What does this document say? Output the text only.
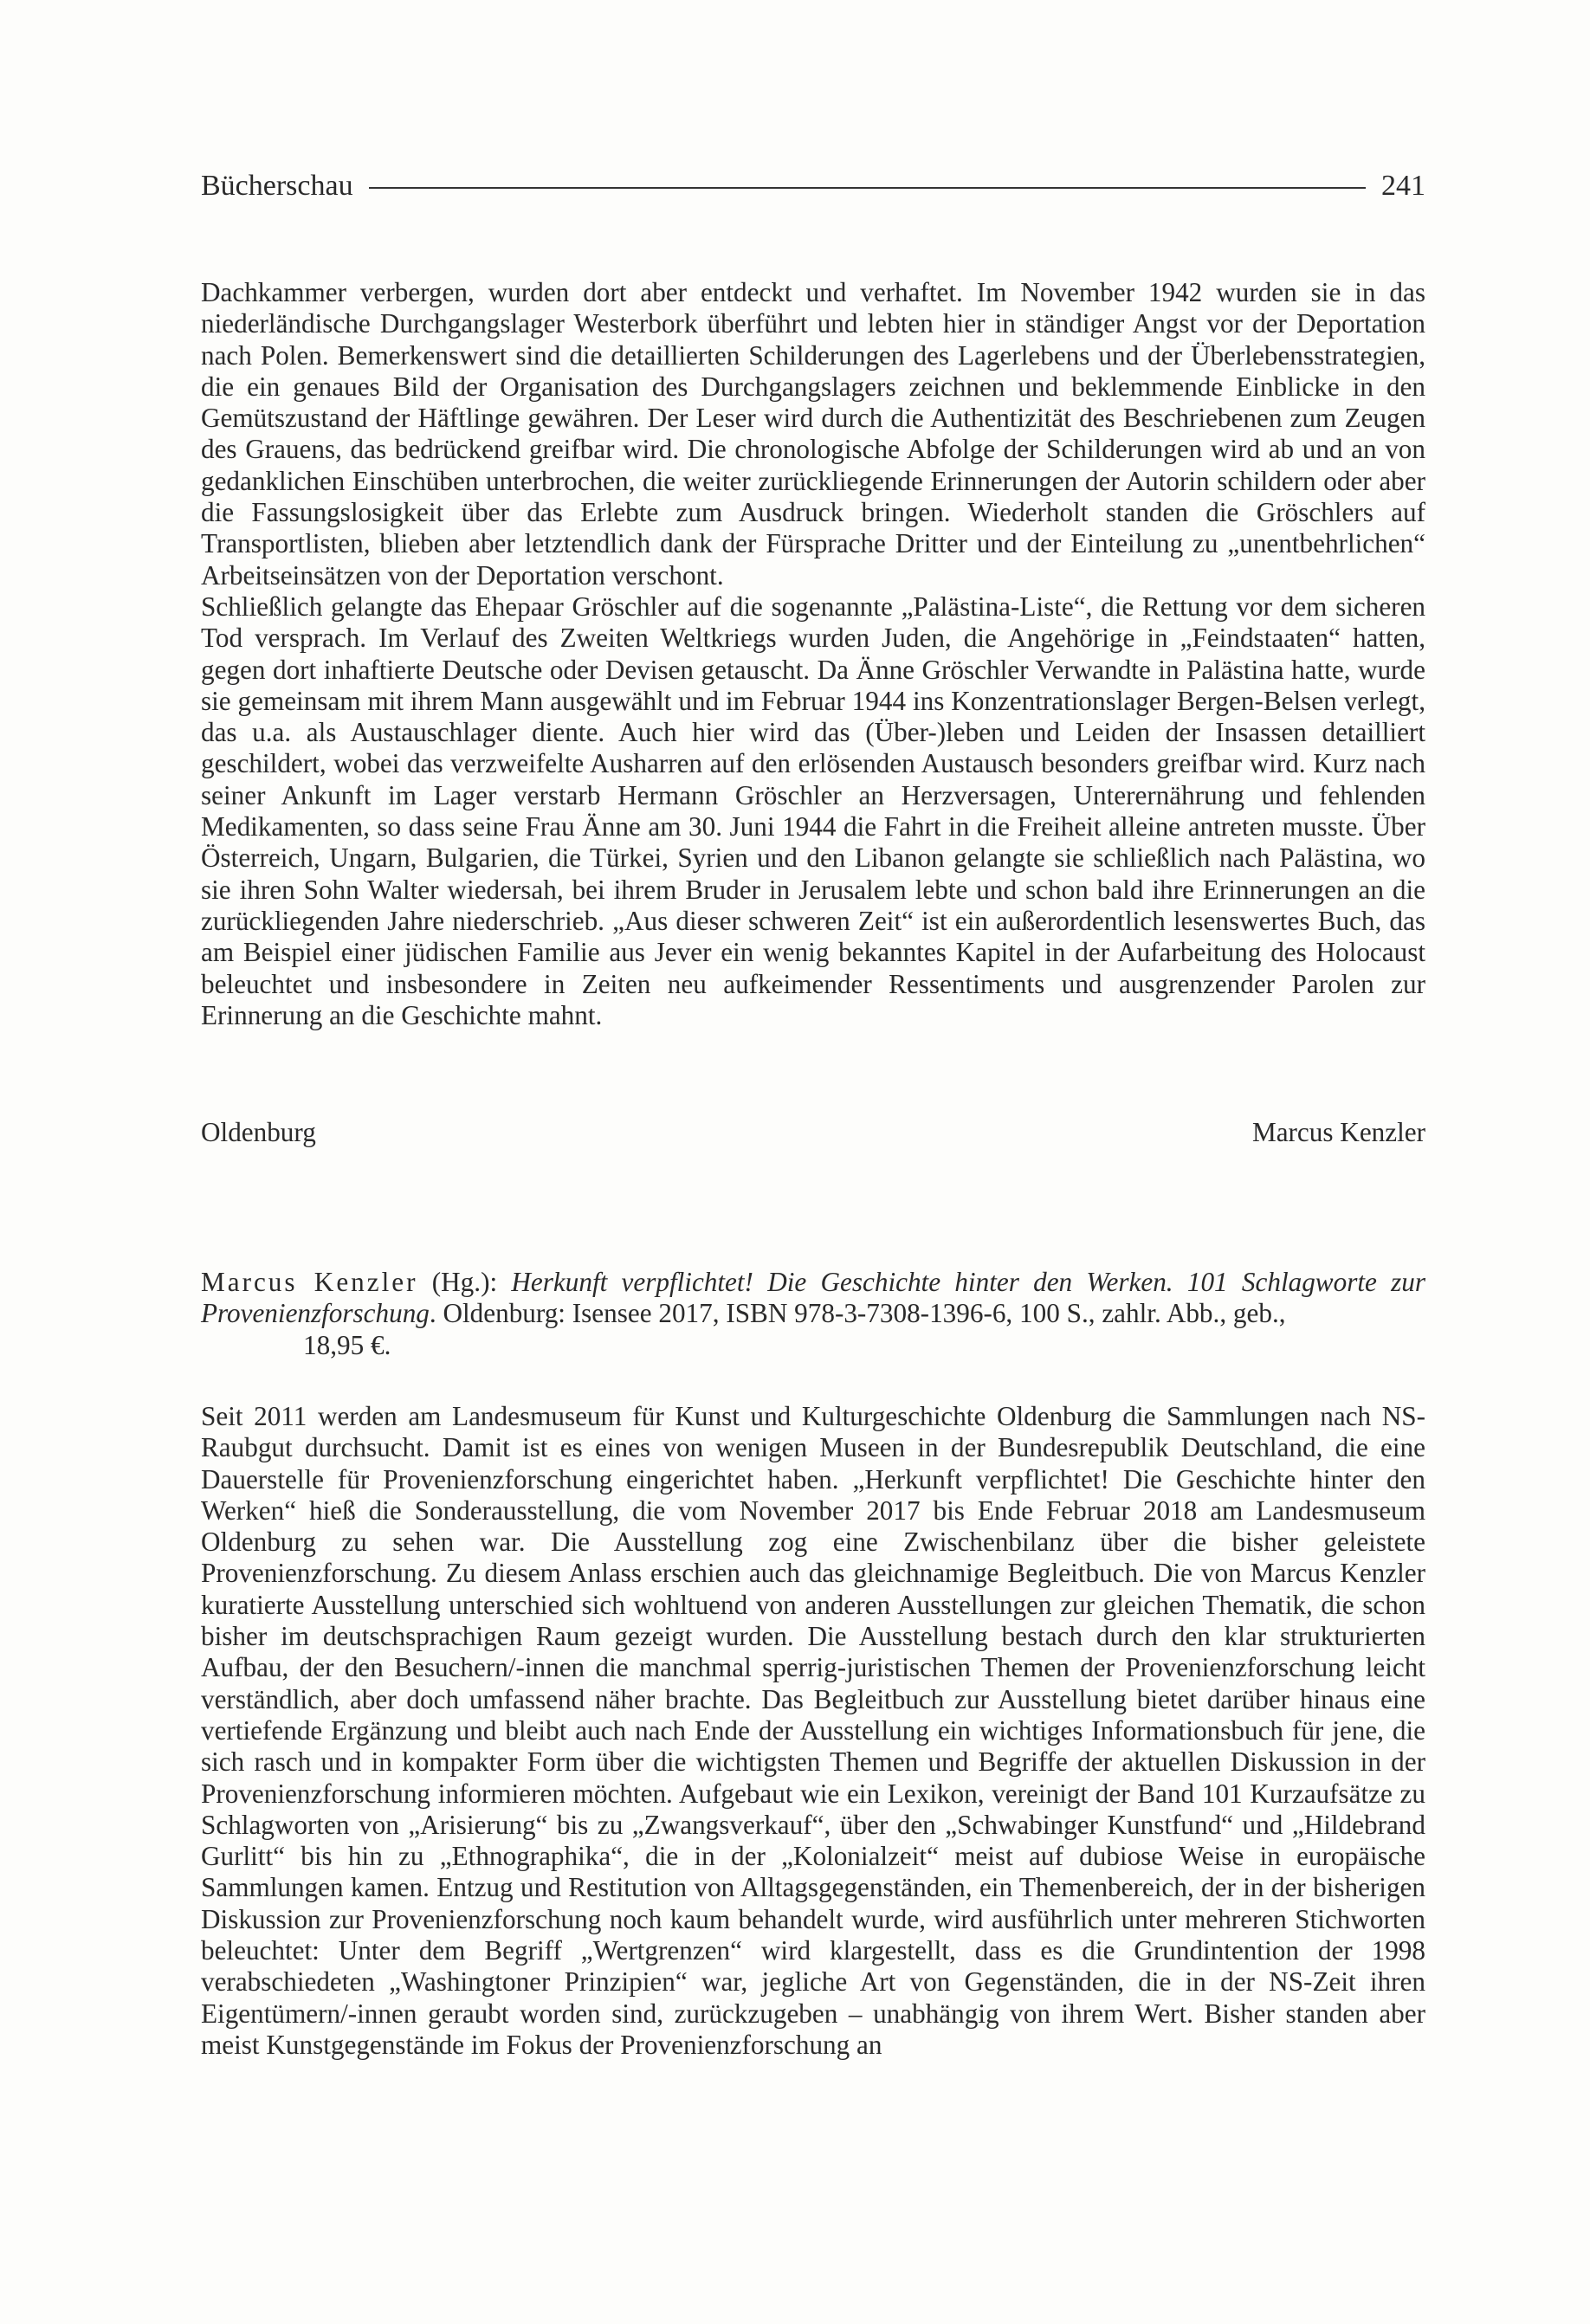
Bücherschau	241

Dachkammer verbergen, wurden dort aber entdeckt und verhaftet. Im November 1942 wurden sie in das niederländische Durchgangslager Westerbork überführt und lebten hier in ständiger Angst vor der Deportation nach Polen. Bemerkenswert sind die detaillierten Schilderungen des Lagerlebens und der Überlebensstrategien, die ein genaues Bild der Organisation des Durchgangslagers zeichnen und beklemmende Einblicke in den Gemütszustand der Häftlinge gewähren. Der Leser wird durch die Authentizität des Beschriebenen zum Zeugen des Grauens, das bedrückend greifbar wird. Die chronologische Abfolge der Schilderungen wird ab und an von gedanklichen Einschüben unterbrochen, die weiter zurückliegende Erinnerungen der Autorin schildern oder aber die Fassungslosigkeit über das Erlebte zum Ausdruck bringen. Wiederholt standen die Gröschlers auf Transportlisten, blieben aber letztendlich dank der Fürsprache Dritter und der Einteilung zu „unentbehrlichen“ Arbeitseinsätzen von der Deportation verschont.

Schließlich gelangte das Ehepaar Gröschler auf die sogenannte „Palästina-Liste“, die Rettung vor dem sicheren Tod versprach. Im Verlauf des Zweiten Weltkriegs wurden Juden, die Angehörige in „Feindstaaten“ hatten, gegen dort inhaftierte Deutsche oder Devisen getauscht. Da Änne Gröschler Verwandte in Palästina hatte, wurde sie gemeinsam mit ihrem Mann ausgewählt und im Februar 1944 ins Konzentrationslager Bergen-Belsen verlegt, das u.a. als Austauschlager diente. Auch hier wird das (Über-)leben und Leiden der Insassen detailliert geschildert, wobei das verzweifelte Ausharren auf den erlösenden Austausch besonders greifbar wird. Kurz nach seiner Ankunft im Lager verstarb Hermann Gröschler an Herzversagen, Unterernährung und fehlenden Medikamenten, so dass seine Frau Änne am 30. Juni 1944 die Fahrt in die Freiheit alleine antreten musste. Über Österreich, Ungarn, Bulgarien, die Türkei, Syrien und den Libanon gelangte sie schließlich nach Palästina, wo sie ihren Sohn Walter wiedersah, bei ihrem Bruder in Jerusalem lebte und schon bald ihre Erinnerungen an die zurückliegenden Jahre niederschrieb. „Aus dieser schweren Zeit“ ist ein außerordentlich lesenswertes Buch, das am Beispiel einer jüdischen Familie aus Jever ein wenig bekanntes Kapitel in der Aufarbeitung des Holocaust beleuchtet und insbesondere in Zeiten neu aufkeimender Ressentiments und ausgrenzender Parolen zur Erinnerung an die Geschichte mahnt.

Oldenburg	Marcus Kenzler
Marcus Kenzler (Hg.): Herkunft verpflichtet! Die Geschichte hinter den Werken. 101 Schlagworte zur Provenienzforschung. Oldenburg: Isensee 2017, ISBN 978-3-7308-1396-6, 100 S., zahlr. Abb., geb.,
18,95 €.

Seit 2011 werden am Landesmuseum für Kunst und Kulturgeschichte Oldenburg die Sammlungen nach NS-Raubgut durchsucht. Damit ist es eines von wenigen Museen in der Bundesrepublik Deutschland, die eine Dauerstelle für Provenienzforschung eingerichtet haben. „Herkunft verpflichtet! Die Geschichte hinter den Werken“ hieß die Sonderausstellung, die vom November 2017 bis Ende Februar 2018 am Landesmuseum Oldenburg zu sehen war. Die Ausstellung zog eine Zwischenbilanz über die bisher geleistete Provenienzforschung. Zu diesem Anlass erschien auch das gleichnamige Begleitbuch. Die von Marcus Kenzler kuratierte Ausstellung unterschied sich wohltuend von anderen Ausstellungen zur gleichen Thematik, die schon bisher im deutschsprachigen Raum gezeigt wurden. Die Ausstellung bestach durch den klar strukturierten Aufbau, der den Besuchern/-innen die manchmal sperrig-juristischen Themen der Provenienzforschung leicht verständlich, aber doch umfassend näher brachte. Das Begleitbuch zur Ausstellung bietet darüber hinaus eine vertiefende Ergänzung und bleibt auch nach Ende der Ausstellung ein wichtiges Informationsbuch für jene, die sich rasch und in kompakter Form über die wichtigsten Themen und Begriffe der aktuellen Diskussion in der Provenienzforschung informieren möchten. Aufgebaut wie ein Lexikon, vereinigt der Band 101 Kurzaufsätze zu Schlagworten von „Arisierung“ bis zu „Zwangsverkauf“, über den „Schwabinger Kunstfund“ und „Hildebrand Gurlitt“ bis hin zu „Ethnographika“, die in der „Kolonialzeit“ meist auf dubiose Weise in europäische Sammlungen kamen. Entzug und Restitution von Alltagsgegenständen, ein Themenbereich, der in der bisherigen Diskussion zur Provenienzforschung noch kaum behandelt wurde, wird ausführlich unter mehreren Stichworten beleuchtet: Unter dem Begriff „Wertgrenzen“ wird klargestellt, dass es die Grundintention der 1998 verabschiedeten „Washingtoner Prinzipien“ war, jegliche Art von Gegenständen, die in der NS-Zeit ihren Eigentümern/-innen geraubt worden sind, zurückzugeben – unabhängig von ihrem Wert. Bisher standen aber meist Kunstgegenstände im Fokus der Provenienzforschung an
